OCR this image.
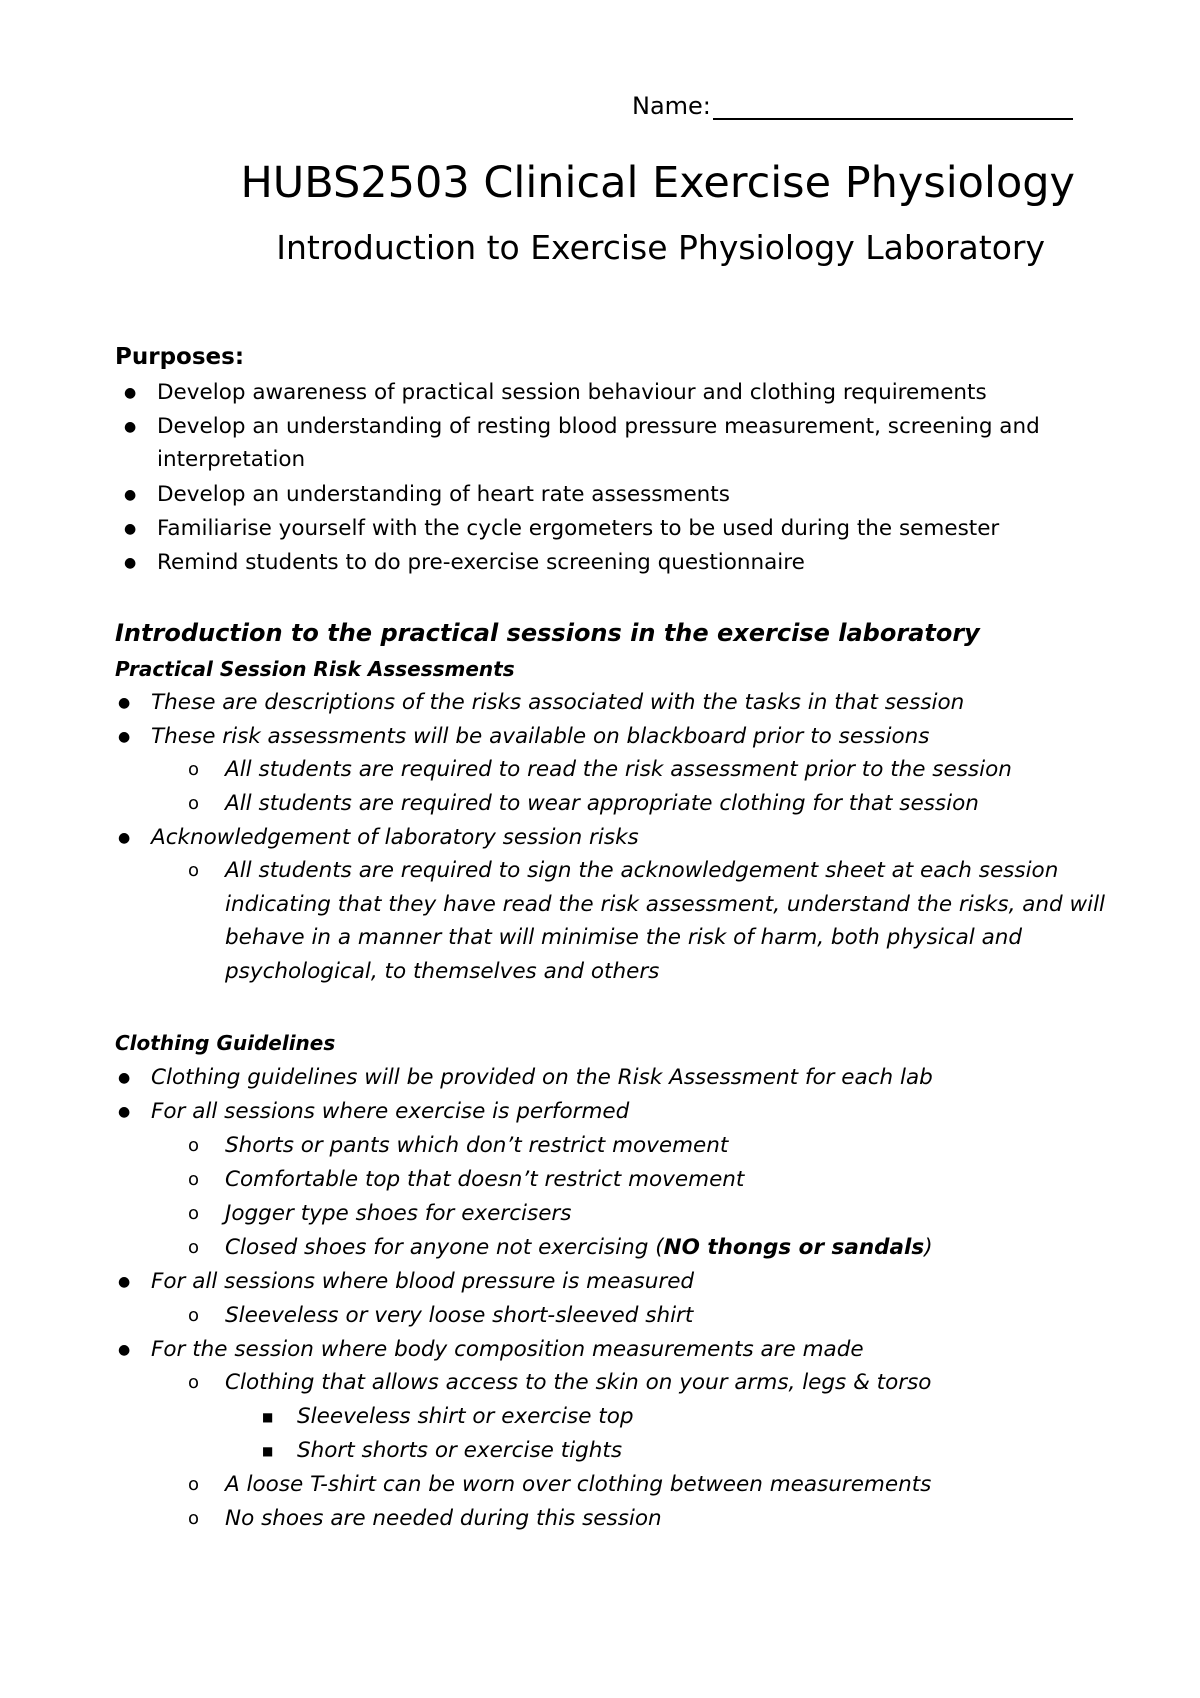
Name:
HUBS2503 Clinical Exercise Physiology
Introduction to Exercise Physiology Laboratory
Purposes:
● Develop awareness of practical session behaviour and clothing requirements
● Develop an understanding of resting blood pressure measurement, screening and
interpretation
● Develop an understanding of heart rate assessments
● Familiarise yourself with the cycle ergometers to be used during the semester
● Remind students to do pre-exercise screening questionnaire
Introduction to the practical sessions in the exercise laboratory
Practical Session Risk Assessments
● These are descriptions of the risks associated with the tasks in that session
● These risk assessments will be available on blackboard prior to sessions
o All students are required to read the risk assessment prior to the session
o All students are required to wear appropriate clothing for that session
● Acknowledgement of laboratory session risks
o All students are required to sign the acknowledgement sheet at each session
indicating that they have read the risk assessment, understand the risks, and will
behave in a manner that will minimise the risk of harm, both physical and
psychological, to themselves and others
Clothing Guidelines
● Clothing guidelines will be provided on the Risk Assessment for each lab
● For all sessions where exercise is performed
o Shorts or pants which don’t restrict movement
o Comfortable top that doesn’t restrict movement
o Jogger type shoes for exercisers
o Closed shoes for anyone not exercising (NO thongs or sandals)
● For all sessions where blood pressure is measured
o Sleeveless or very loose short-sleeved shirt
● For the session where body composition measurements are made
o Clothing that allows access to the skin on your arms, legs & torso
■ Sleeveless shirt or exercise top
■ Short shorts or exercise tights
o A loose T-shirt can be worn over clothing between measurements
o No shoes are needed during this session
